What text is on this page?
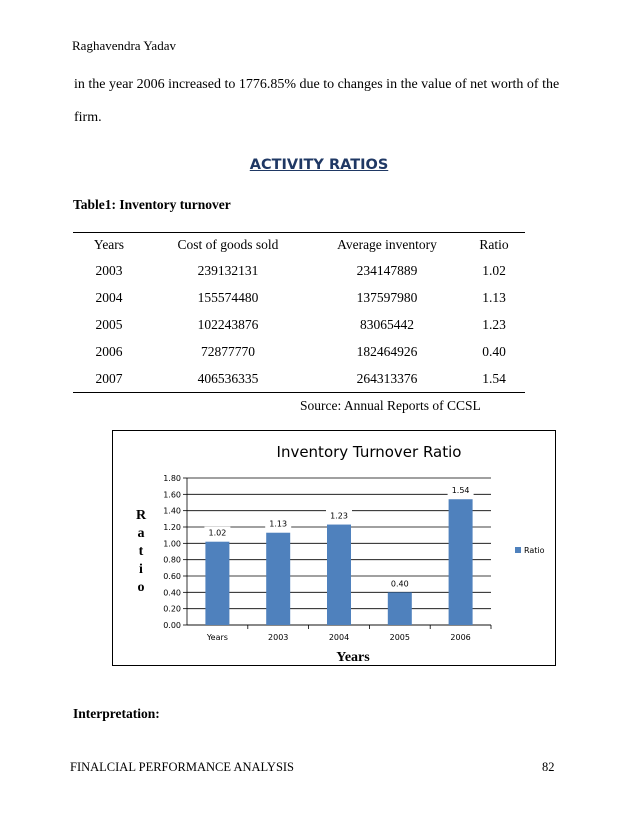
Raghavendra Yadav
in the year 2006 increased to 1776.85% due to changes in the value of net worth of the firm.
ACTIVITY RATIOS
Table1: Inventory turnover
Years	Cost of goods sold	Average inventory	Ratio
2003	239132131	234147889	1.02
2004	155574480	137597980	1.13
2005	102243876	83065442	1.23
2006	72877770	182464926	0.40
2007	406536335	264313376	1.54
Source: Annual Reports of CCSL
Inventory Turnover Ratio
0.00
0.20
0.40
0.60
0.80
1.00
1.20
1.40
1.60
1.80
1.02
Years
1.13
2003
1.23
2004
0.40
2005
1.54
2006
Years
R
a
t
i
o
Ratio
Interpretation:
FINALCIAL PERFORMANCE ANALYSIS	82
